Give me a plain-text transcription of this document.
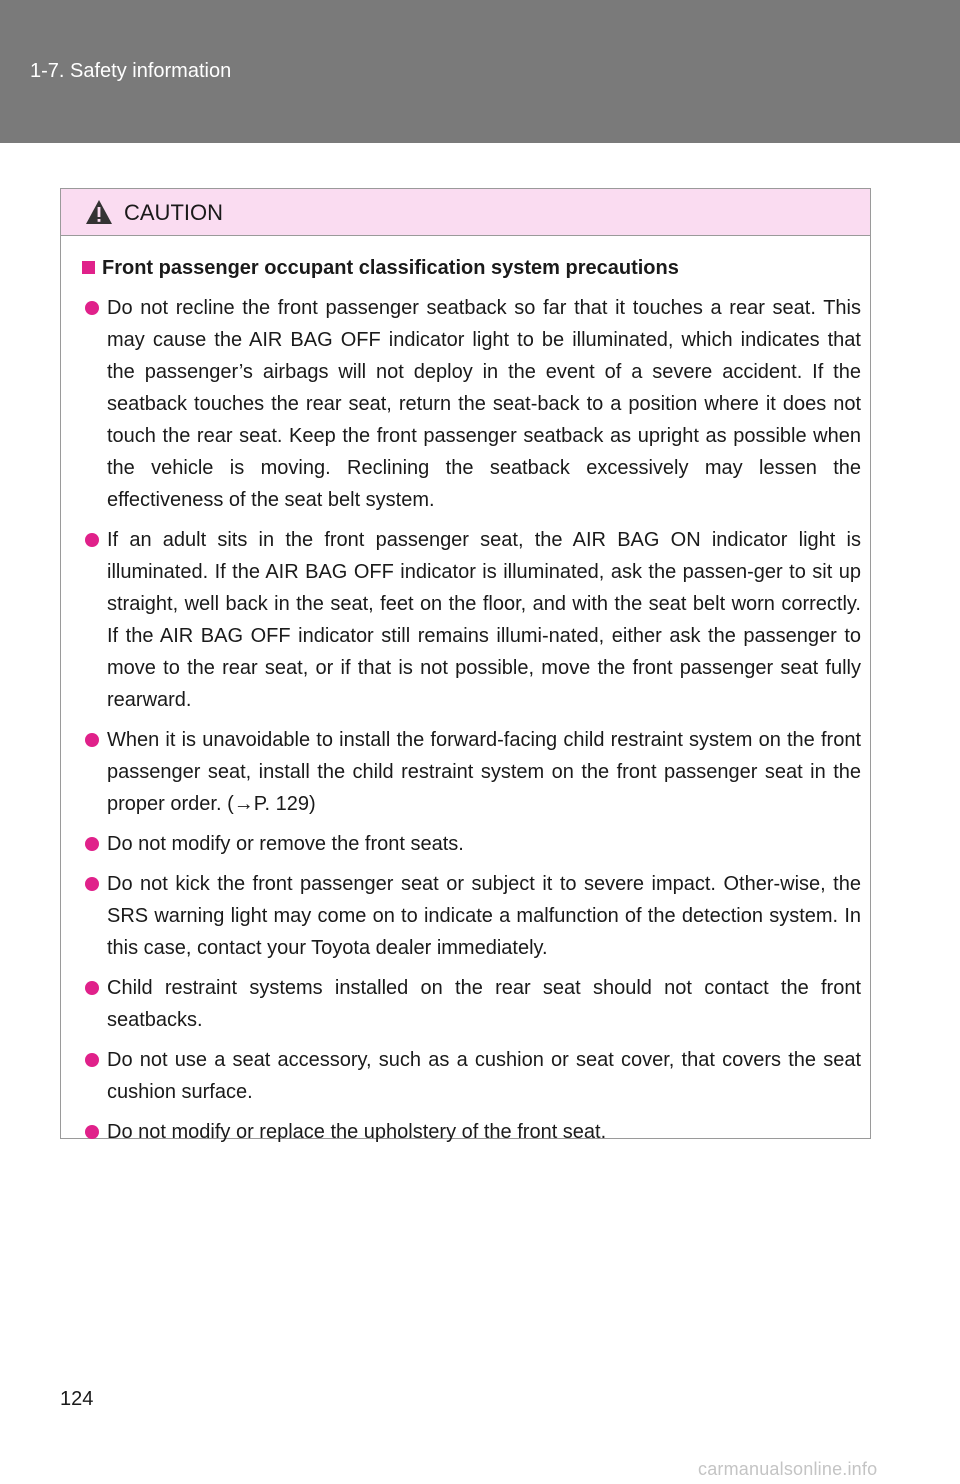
1-7. Safety information
CAUTION
Front passenger occupant classification system precautions
Do not recline the front passenger seatback so far that it touches a rear seat. This may cause the AIR BAG OFF indicator light to be illuminated, which indicates that the passenger’s airbags will not deploy in the event of a severe accident. If the seatback touches the rear seat, return the seat-back to a position where it does not touch the rear seat. Keep the front passenger seatback as upright as possible when the vehicle is moving. Reclining the seatback excessively may lessen the effectiveness of the seat belt system.
If an adult sits in the front passenger seat, the AIR BAG ON indicator light is illuminated. If the AIR BAG OFF indicator is illuminated, ask the passen-ger to sit up straight, well back in the seat, feet on the floor, and with the seat belt worn correctly. If the AIR BAG OFF indicator still remains illumi-nated, either ask the passenger to move to the rear seat, or if that is not possible, move the front passenger seat fully rearward.
When it is unavoidable to install the forward-facing child restraint system on the front passenger seat, install the child restraint system on the front passenger seat in the proper order. (→P. 129)
Do not modify or remove the front seats.
Do not kick the front passenger seat or subject it to severe impact. Other-wise, the SRS warning light may come on to indicate a malfunction of the detection system. In this case, contact your Toyota dealer immediately.
Child restraint systems installed on the rear seat should not contact the front seatbacks.
Do not use a seat accessory, such as a cushion or seat cover, that covers the seat cushion surface.
Do not modify or replace the upholstery of the front seat.
124
carmanualsonline.info
